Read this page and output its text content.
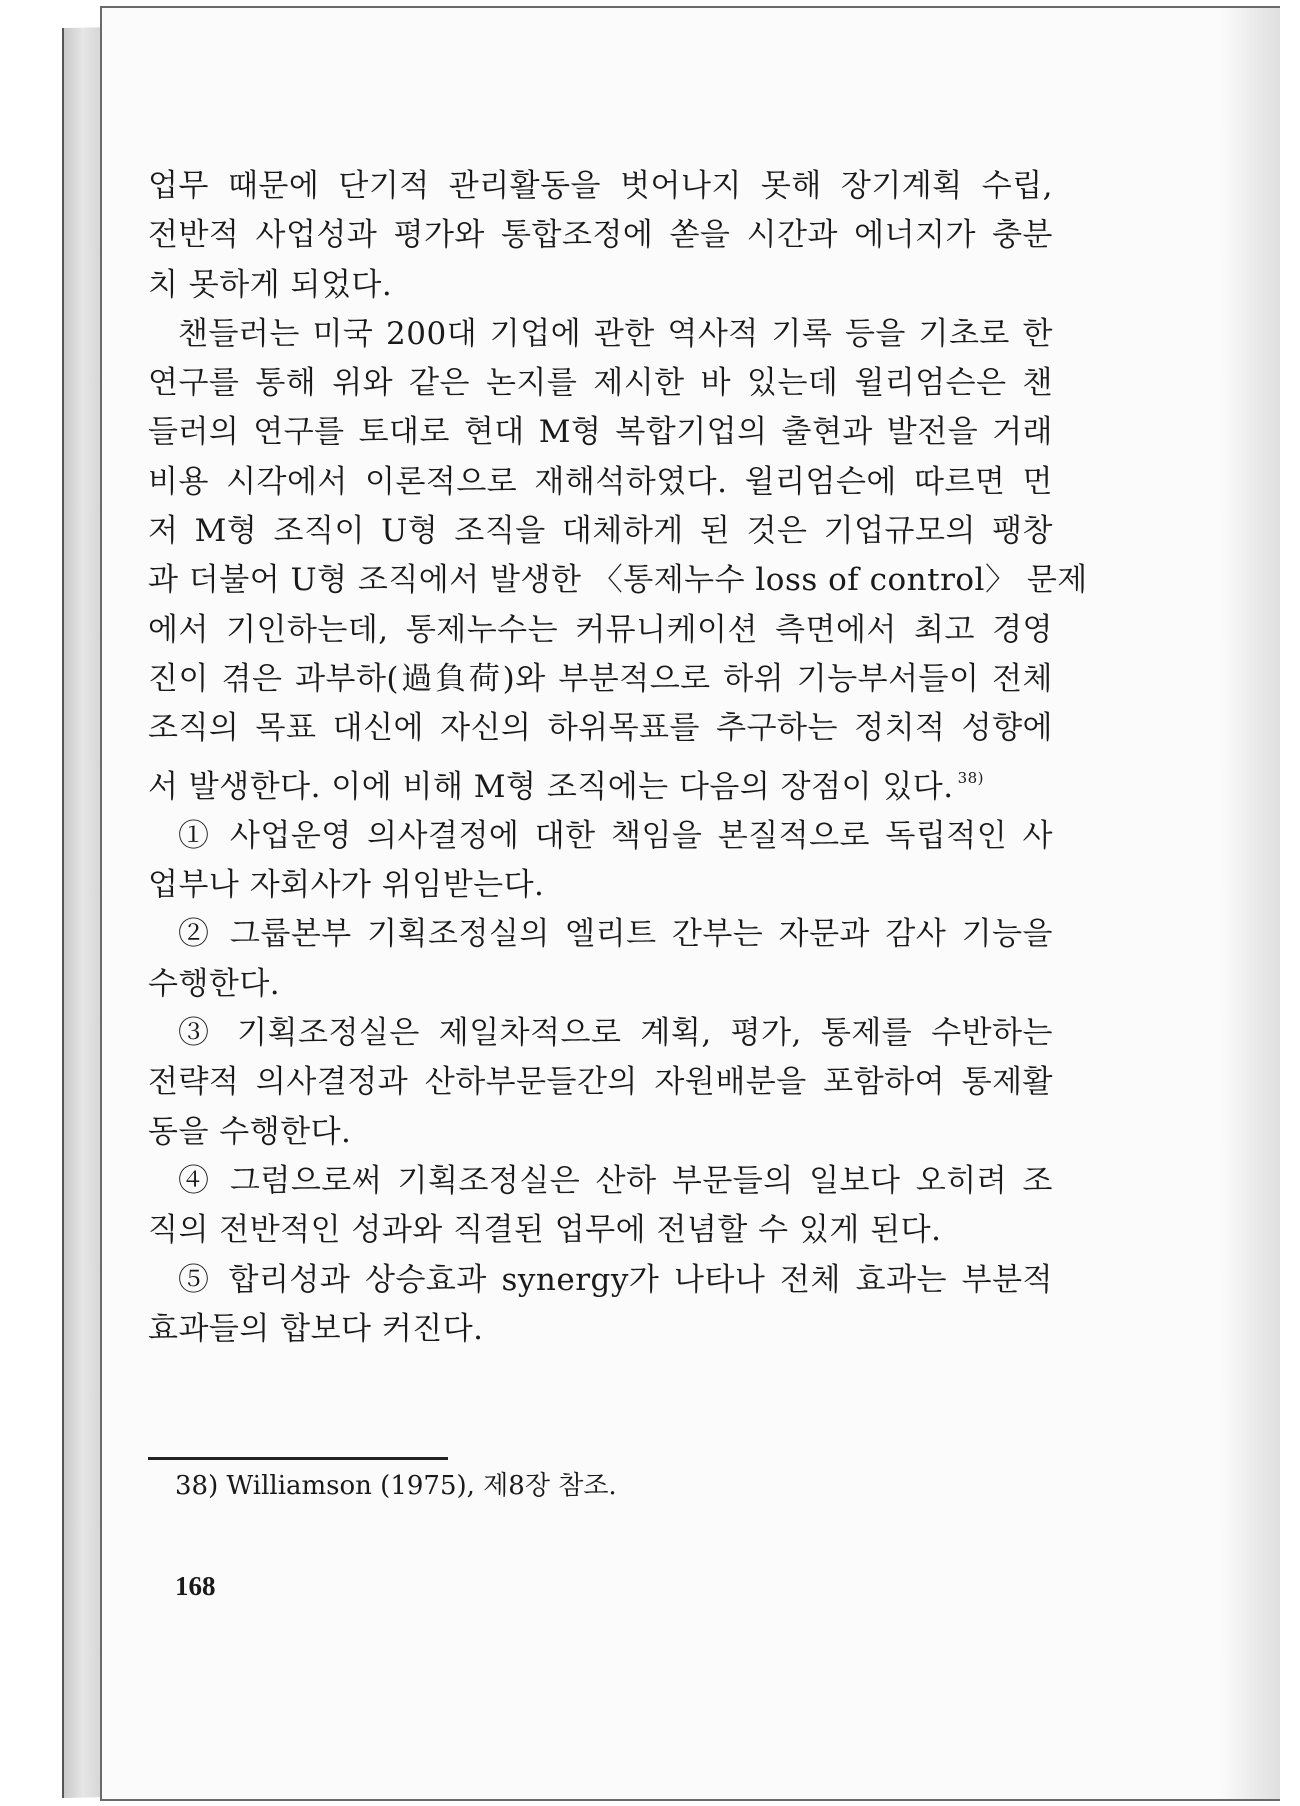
업무 때문에 단기적 관리활동을 벗어나지 못해 장기계획 수립,
전반적 사업성과 평가와 통합조정에 쏟을 시간과 에너지가 충분
치 못하게 되었다.
챈들러는 미국 200대 기업에 관한 역사적 기록 등을 기초로 한
연구를 통해 위와 같은 논지를 제시한 바 있는데 윌리엄슨은 챈
들러의 연구를 토대로 현대 M형 복합기업의 출현과 발전을 거래
비용 시각에서 이론적으로 재해석하였다. 윌리엄슨에 따르면 먼
저 M형 조직이 U형 조직을 대체하게 된 것은 기업규모의 팽창
과 더불어 U형 조직에서 발생한 〈통제누수 loss of control〉 문제
에서 기인하는데, 통제누수는 커뮤니케이션 측면에서 최고 경영
진이 겪은 과부하(過負荷)와 부분적으로 하위 기능부서들이 전체
조직의 목표 대신에 자신의 하위목표를 추구하는 정치적 성향에
서 발생한다. 이에 비해 M형 조직에는 다음의 장점이 있다. $^{38)}$
① 사업운영 의사결정에 대한 책임을 본질적으로 독립적인 사
업부나 자회사가 위임받는다.
② 그룹본부 기획조정실의 엘리트 간부는 자문과 감사 기능을
수행한다.
③ 기획조정실은 제일차적으로 계획, 평가, 통제를 수반하는
전략적 의사결정과 산하부문들간의 자원배분을 포함하여 통제활
동을 수행한다.
④ 그럼으로써 기획조정실은 산하 부문들의 일보다 오히려 조
직의 전반적인 성과와 직결된 업무에 전념할 수 있게 된다.
⑤ 합리성과 상승효과 synergy가 나타나 전체 효과는 부분적
효과들의 합보다 커진다.
38) Williamson (1975), 제8장 참조.
168
